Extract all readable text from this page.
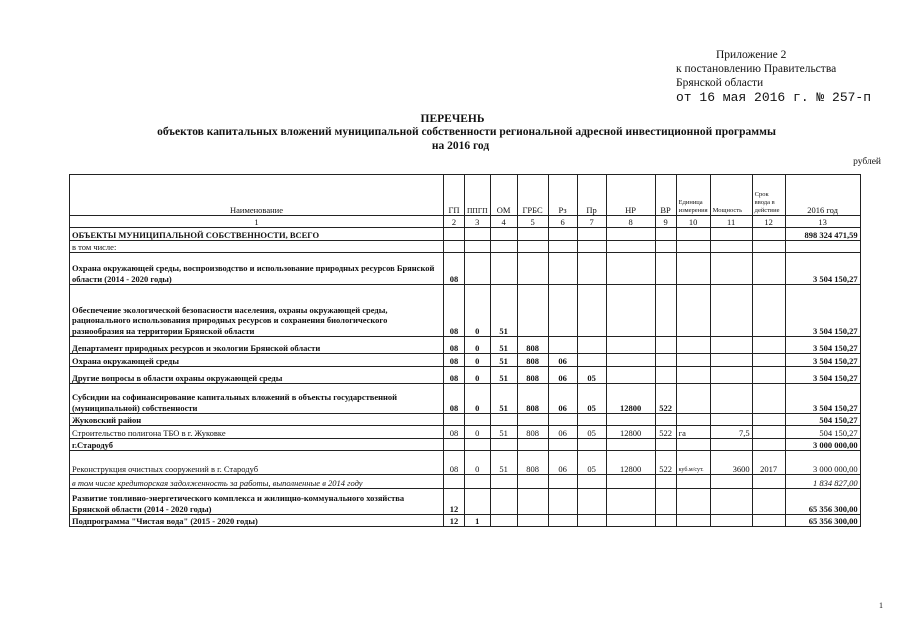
Приложение 2
к постановлению Правительства
Брянской области
от 16 мая 2016 г. № 257-п
ПЕРЕЧЕНЬ
объектов капитальных вложений муниципальной собственности региональной адресной инвестиционной программы
на 2016 год
рублей
Наименование	ГП	ППГП	ОМ	ГРБС	Рз	Пр	НР	ВР	Единица измерения	Мощность	Срок ввода в действие	2016 год
1	2	3	4	5	6	7	8	9	10	11	12	13
ОБЪЕКТЫ МУНИЦИПАЛЬНОЙ СОБСТВЕННОСТИ, ВСЕГО												898 324 471,59
в том числе:												
Охрана окружающей среды, воспроизводство и использование природных ресурсов Брянской области (2014 - 2020 годы)	08											3 504 150,27
Обеспечение экологической безопасности населения, охраны окружающей среды, рационального использования природных ресурсов и сохранения биологического разнообразия на территории Брянской области	08	0	51									3 504 150,27
Департамент природных ресурсов и экологии Брянской области	08	0	51	808								3 504 150,27
Охрана окружающей среды	08	0	51	808	06							3 504 150,27
Другие вопросы в области охраны окружающей среды	08	0	51	808	06	05						3 504 150,27
Субсидии на софинансирование капитальных вложений в объекты государственной (муниципальной) собственности	08	0	51	808	06	05	12800	522				3 504 150,27
Жуковский район												504 150,27
Строительство полигона ТБО в г. Жуковке	08	0	51	808	06	05	12800	522	га	7,5		504 150,27
г.Стародуб												3 000 000,00
Реконструкция очистных сооружений в г. Стародуб	08	0	51	808	06	05	12800	522	куб.м/сут.	3600	2017	3 000 000,00
в том числе кредиторская задолженность за работы, выполненные в 2014 году												1 834 827,00
Развитие топливно-энергетического комплекса и жилищно-коммунального хозяйства Брянской области (2014 - 2020 годы)	12											65 356 300,00
Подпрограмма "Чистая вода" (2015 - 2020 годы)	12	1										65 356 300,00
1
